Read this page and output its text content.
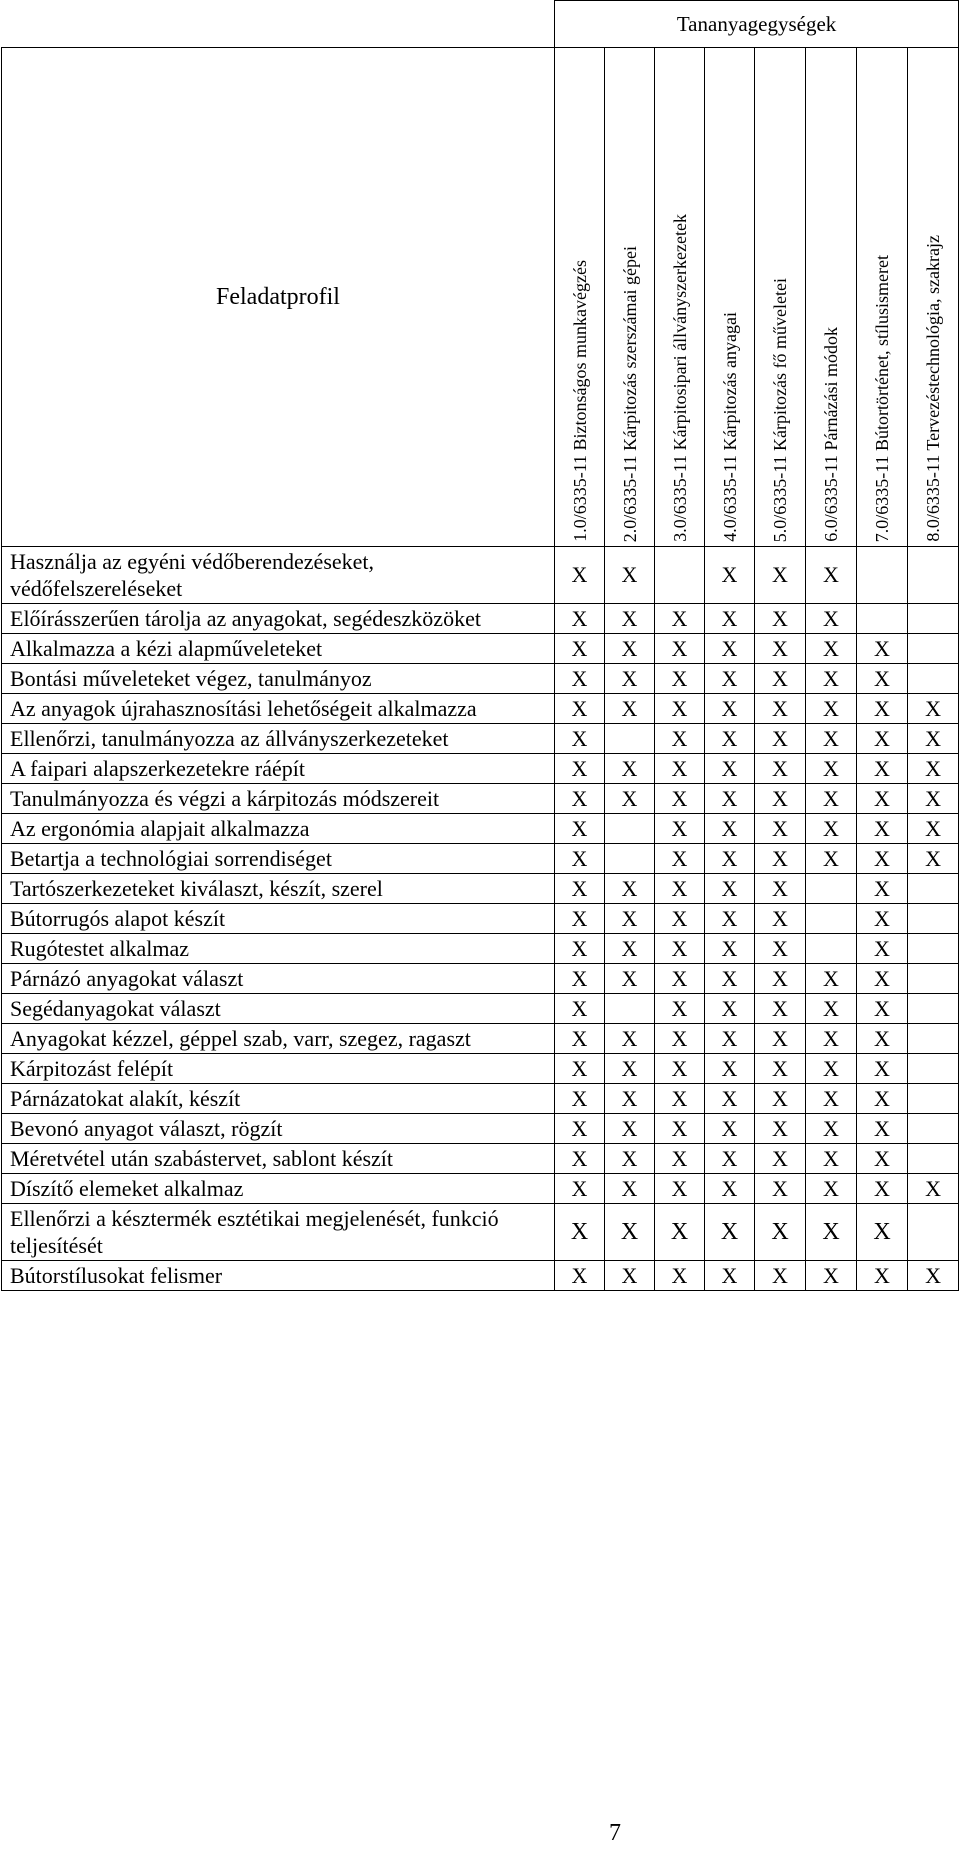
	Tananyagegységek							
Feladatprofil	1.0/6335-11 Biztonságos munkavégzés	2.0/6335-11 Kárpitozás szerszámai gépei	3.0/6335-11 Kárpitosipari állványszerkezetek	4.0/6335-11 Kárpitozás anyagai	5.0/6335-11 Kárpitozás fő műveletei	6.0/6335-11 Párnázási módok	7.0/6335-11 Bútortörténet, stílusismeret	8.0/6335-11 Tervezéstechnológia, szakrajz

Használja az egyéni védőberendezéseket, védőfelszereléseket	X	X		X	X	X		
Előírásszerűen tárolja az anyagokat, segédeszközöket	X	X	X	X	X	X		
Alkalmazza a kézi alapműveleteket	X	X	X	X	X	X	X	
Bontási műveleteket végez, tanulmányoz	X	X	X	X	X	X	X	
Az anyagok újrahasznosítási lehetőségeit alkalmazza	X	X	X	X	X	X	X	X
Ellenőrzi, tanulmányozza az állványszerkezeteket	X		X	X	X	X	X	X
A faipari alapszerkezetekre ráépít	X	X	X	X	X	X	X	X
Tanulmányozza és végzi a kárpitozás módszereit	X	X	X	X	X	X	X	X
Az ergonómia alapjait alkalmazza	X		X	X	X	X	X	X
Betartja a technológiai sorrendiséget	X		X	X	X	X	X	X
Tartószerkezeteket kiválaszt, készít, szerel	X	X	X	X	X		X	
Bútorrugós alapot készít	X	X	X	X	X		X	
Rugótestet alkalmaz	X	X	X	X	X		X	
Párnázó anyagokat választ	X	X	X	X	X	X	X	
Segédanyagokat választ	X		X	X	X	X	X	
Anyagokat kézzel, géppel szab, varr, szegez, ragaszt	X	X	X	X	X	X	X	
Kárpitozást felépít	X	X	X	X	X	X	X	
Párnázatokat alakít, készít	X	X	X	X	X	X	X	
Bevonó anyagot választ, rögzít	X	X	X	X	X	X	X	
Méretvétel után szabástervet, sablont készít	X	X	X	X	X	X	X	
Díszítő elemeket alkalmaz	X	X	X	X	X	X	X	X
Ellenőrzi a késztermék esztétikai megjelenését, funkció teljesítését	X	X	X	X	X	X	X	
Bútorstílusokat felismer	X	X	X	X	X	X	X	X
7
